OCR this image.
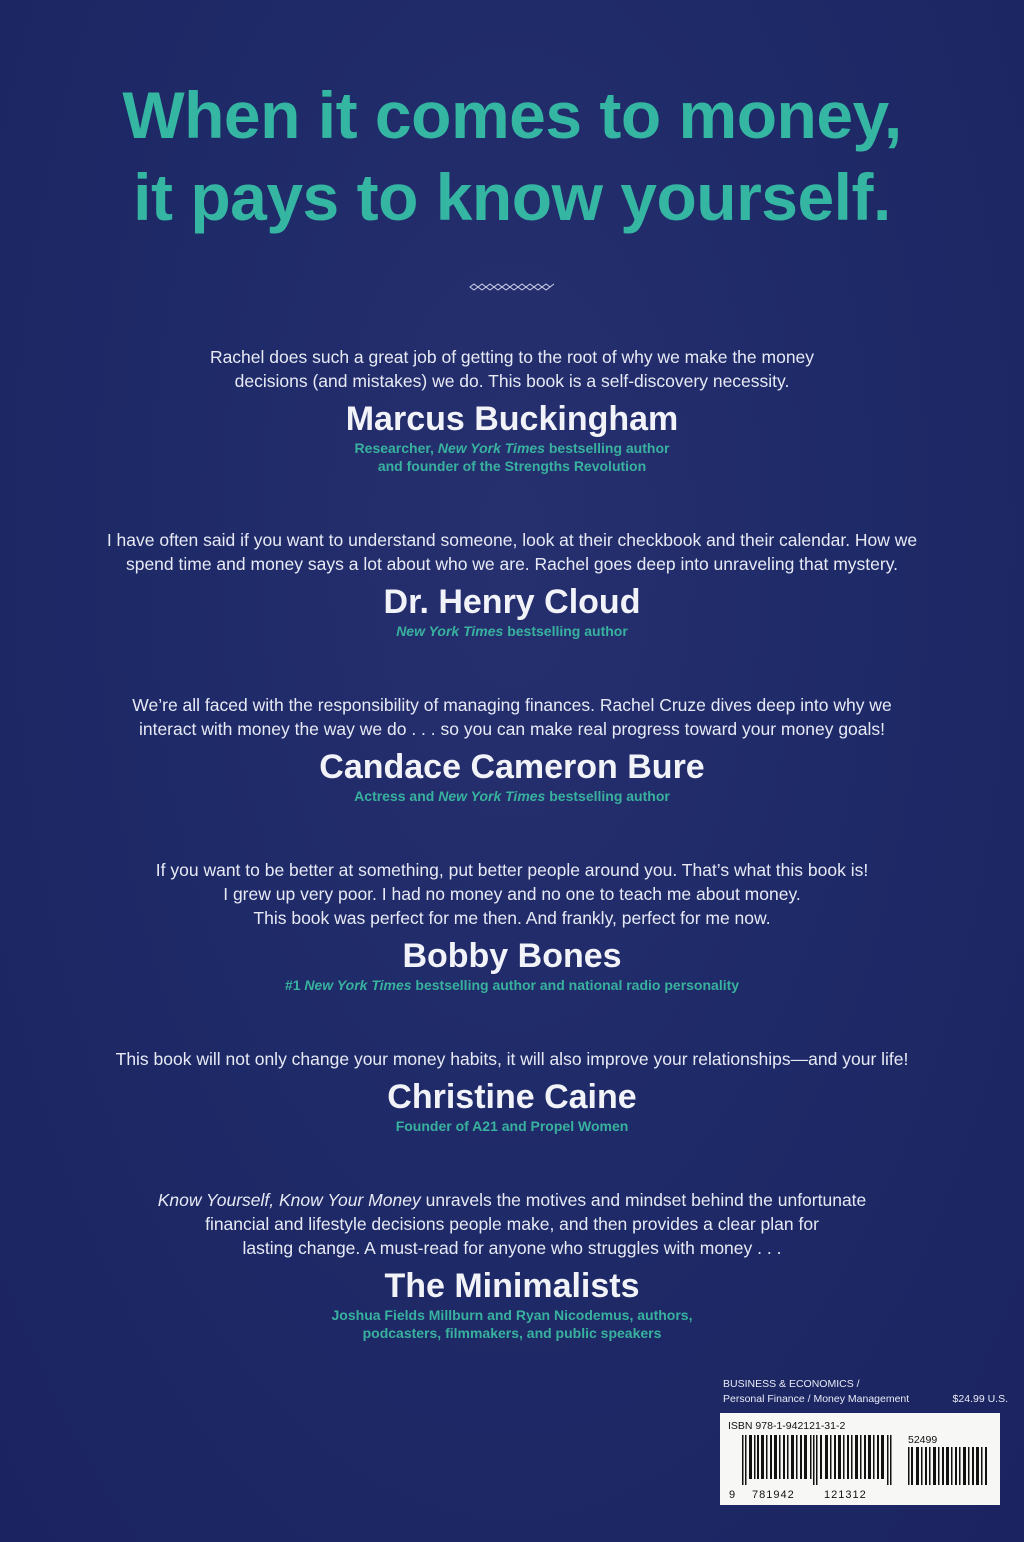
When it comes to money,
it pays to know yourself.
Rachel does such a great job of getting to the root of why we make the money
decisions (and mistakes) we do. This book is a self-discovery necessity.
Marcus Buckingham
Researcher, New York Times bestselling author
and founder of the Strengths Revolution
I have often said if you want to understand someone, look at their checkbook and their calendar. How we
spend time and money says a lot about who we are. Rachel goes deep into unraveling that mystery.
Dr. Henry Cloud
New York Times bestselling author
We’re all faced with the responsibility of managing finances. Rachel Cruze dives deep into why we
interact with money the way we do . . . so you can make real progress toward your money goals!
Candace Cameron Bure
Actress and New York Times bestselling author
If you want to be better at something, put better people around you. That’s what this book is!
I grew up very poor. I had no money and no one to teach me about money.
This book was perfect for me then. And frankly, perfect for me now.
Bobby Bones
#1 New York Times bestselling author and national radio personality
This book will not only change your money habits, it will also improve your relationships—and your life!
Christine Caine
Founder of A21 and Propel Women
Know Yourself, Know Your Money unravels the motives and mindset behind the unfortunate
financial and lifestyle decisions people make, and then provides a clear plan for
lasting change. A must-read for anyone who struggles with money . . .
The Minimalists
Joshua Fields Millburn and Ryan Nicodemus, authors,
podcasters, filmmakers, and public speakers
BUSINESS & ECONOMICS /
Personal Finance / Money Management	$24.99 U.S.
ISBN 978-1-942121-31-2
52499
9 781942	121312
